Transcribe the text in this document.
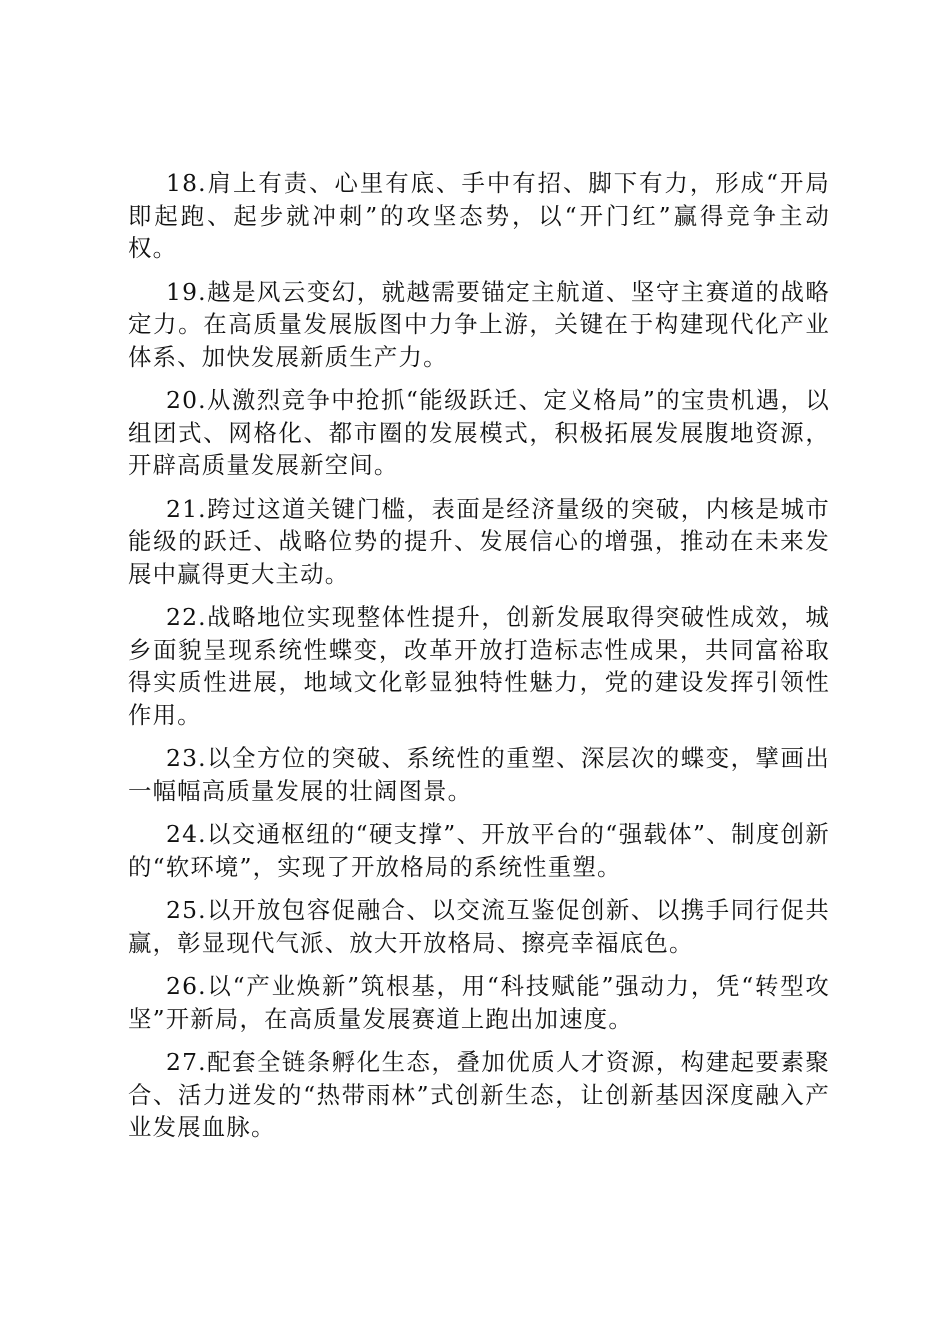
18.肩上有责、心里有底、手中有招、脚下有力，形成“开局即起跑、起步就冲刺”的攻坚态势，以“开门红”赢得竞争主动权。

19.越是风云变幻，就越需要锚定主航道、坚守主赛道的战略定力。在高质量发展版图中力争上游，关键在于构建现代化产业体系、加快发展新质生产力。

20.从激烈竞争中抢抓“能级跃迁、定义格局”的宝贵机遇，以组团式、网格化、都市圈的发展模式，积极拓展发展腹地资源，开辟高质量发展新空间。

21.跨过这道关键门槛，表面是经济量级的突破，内核是城市能级的跃迁、战略位势的提升、发展信心的增强，推动在未来发展中赢得更大主动。

22.战略地位实现整体性提升，创新发展取得突破性成效，城乡面貌呈现系统性蝶变，改革开放打造标志性成果，共同富裕取得实质性进展，地域文化彰显独特性魅力，党的建设发挥引领性作用。

23.以全方位的突破、系统性的重塑、深层次的蝶变，擘画出一幅幅高质量发展的壮阔图景。

24.以交通枢纽的“硬支撑”、开放平台的“强载体”、制度创新的“软环境”，实现了开放格局的系统性重塑。

25.以开放包容促融合、以交流互鉴促创新、以携手同行促共赢，彰显现代气派、放大开放格局、擦亮幸福底色。

26.以“产业焕新”筑根基，用“科技赋能”强动力，凭“转型攻坚”开新局，在高质量发展赛道上跑出加速度。

27.配套全链条孵化生态，叠加优质人才资源，构建起要素聚合、活力迸发的“热带雨林”式创新生态，让创新基因深度融入产业发展血脉。
